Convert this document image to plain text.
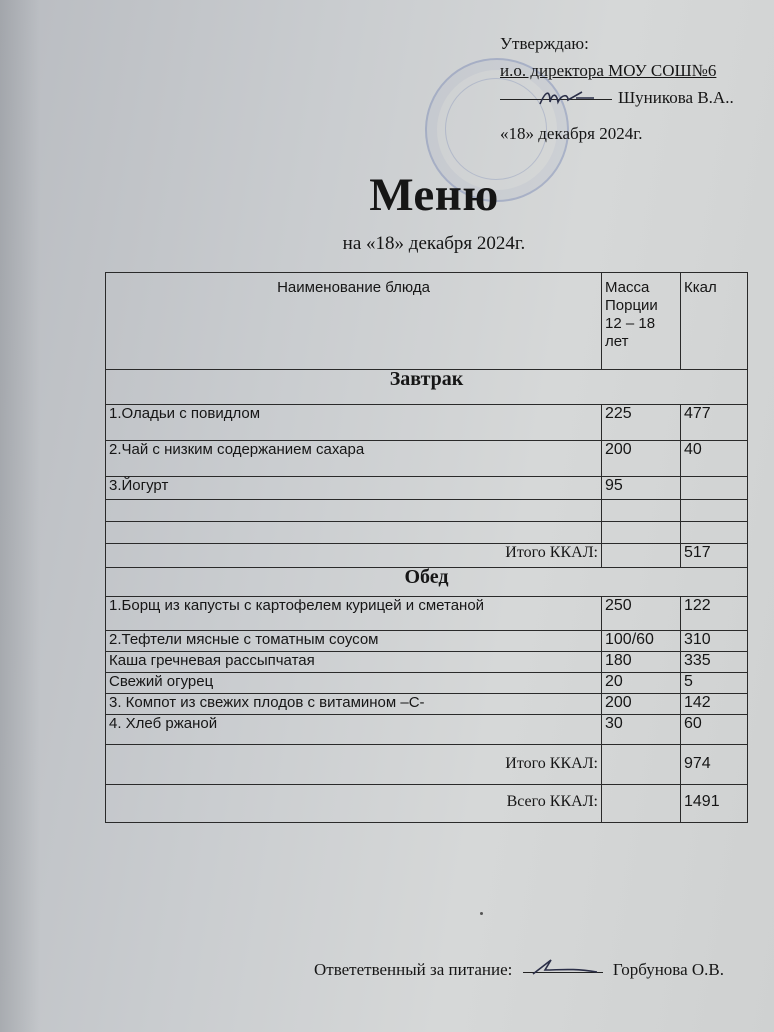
Утверждаю:
и.о. директора МОУ СОШ№6
Шуникова В.А..
«18» декабря 2024г.
Меню
на «18» декабря 2024г.
Наименование блюда	Масса Порции 12 – 18 лет	Ккал
Завтрак		
1.Оладьи с повидлом	225	477
2.Чай с низким содержанием сахара	200	40
3.Йогурт	95	

Итого ККАЛ:		517
Обед		
1.Борщ из капусты с картофелем курицей и сметаной	250	122
2.Тефтели мясные с томатным соусом	100/60	310
Каша гречневая рассыпчатая	180	335
Свежий огурец	20	5
3. Компот из свежих плодов с витамином –С-	200	142
4. Хлеб ржаной	30	60
Итого ККАЛ:		974
Всего ККАЛ:		1491
Ответетвенный за питание:	Горбунова О.В.
